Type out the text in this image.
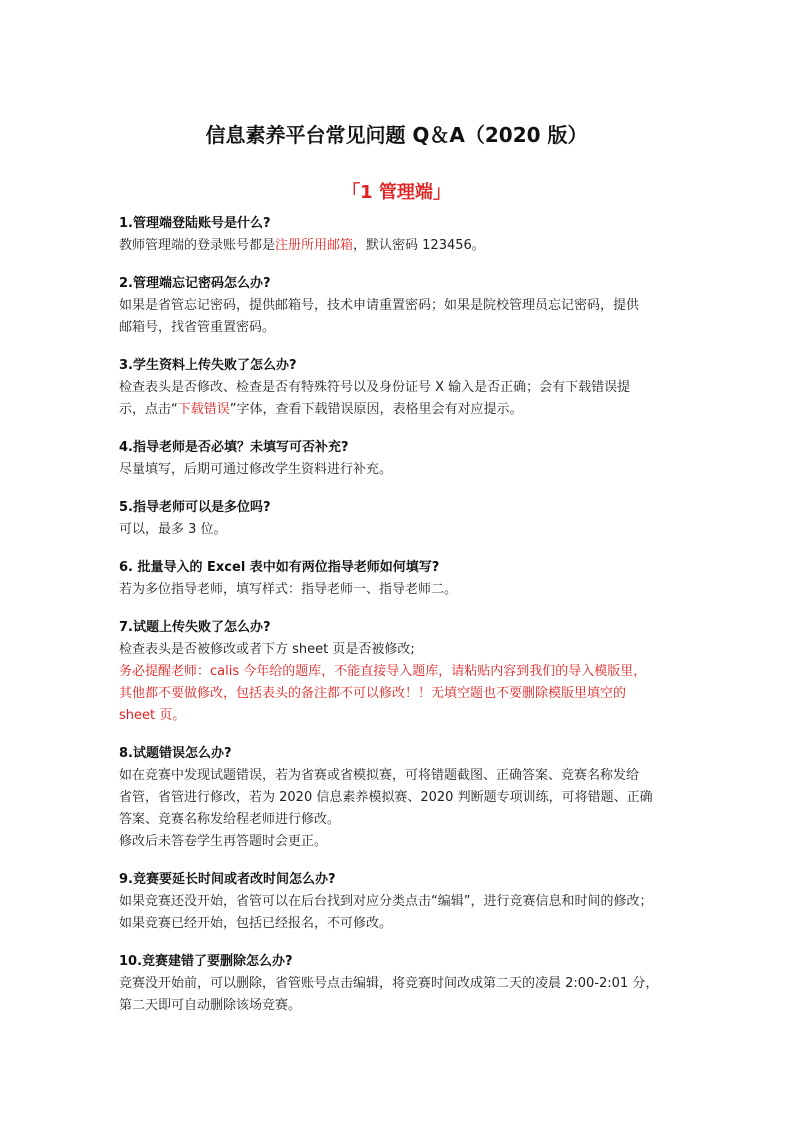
信息素养平台常见问题 Q＆A（2020 版）
「1 管理端」
1.管理端登陆账号是什么?
教师管理端的登录账号都是注册所用邮箱，默认密码 123456。
2.管理端忘记密码怎么办?
如果是省管忘记密码，提供邮箱号，技术申请重置密码；如果是院校管理员忘记密码，提供
邮箱号，找省管重置密码。
3.学生资料上传失败了怎么办?
检查表头是否修改、检查是否有特殊符号以及身份证号 X 输入是否正确；会有下载错误提
示，点击“下载错误”字体，查看下载错误原因，表格里会有对应提示。
4.指导老师是否必填？未填写可否补充?
尽量填写，后期可通过修改学生资料进行补充。
5.指导老师可以是多位吗?
可以，最多 3 位。
6. 批量导入的 Excel 表中如有两位指导老师如何填写?
若为多位指导老师，填写样式：指导老师一、指导老师二。
7.试题上传失败了怎么办?
检查表头是否被修改或者下方 sheet 页是否被修改;
务必提醒老师：calis 今年给的题库，不能直接导入题库，请粘贴内容到我们的导入模版里，
其他都不要做修改，包括表头的备注都不可以修改！！无填空题也不要删除模版里填空的
sheet 页。
8.试题错误怎么办?
如在竞赛中发现试题错误，若为省赛或省模拟赛，可将错题截图、正确答案、竞赛名称发给
省管，省管进行修改，若为 2020 信息素养模拟赛、2020 判断题专项训练，可将错题、正确
答案、竞赛名称发给程老师进行修改。
修改后未答卷学生再答题时会更正。
9.竞赛要延长时间或者改时间怎么办?
如果竞赛还没开始，省管可以在后台找到对应分类点击“编辑”，进行竞赛信息和时间的修改；
如果竞赛已经开始，包括已经报名，不可修改。
10.竞赛建错了要删除怎么办?
竞赛没开始前，可以删除，省管账号点击编辑，将竞赛时间改成第二天的凌晨 2:00-2:01 分，
第二天即可自动删除该场竞赛。
